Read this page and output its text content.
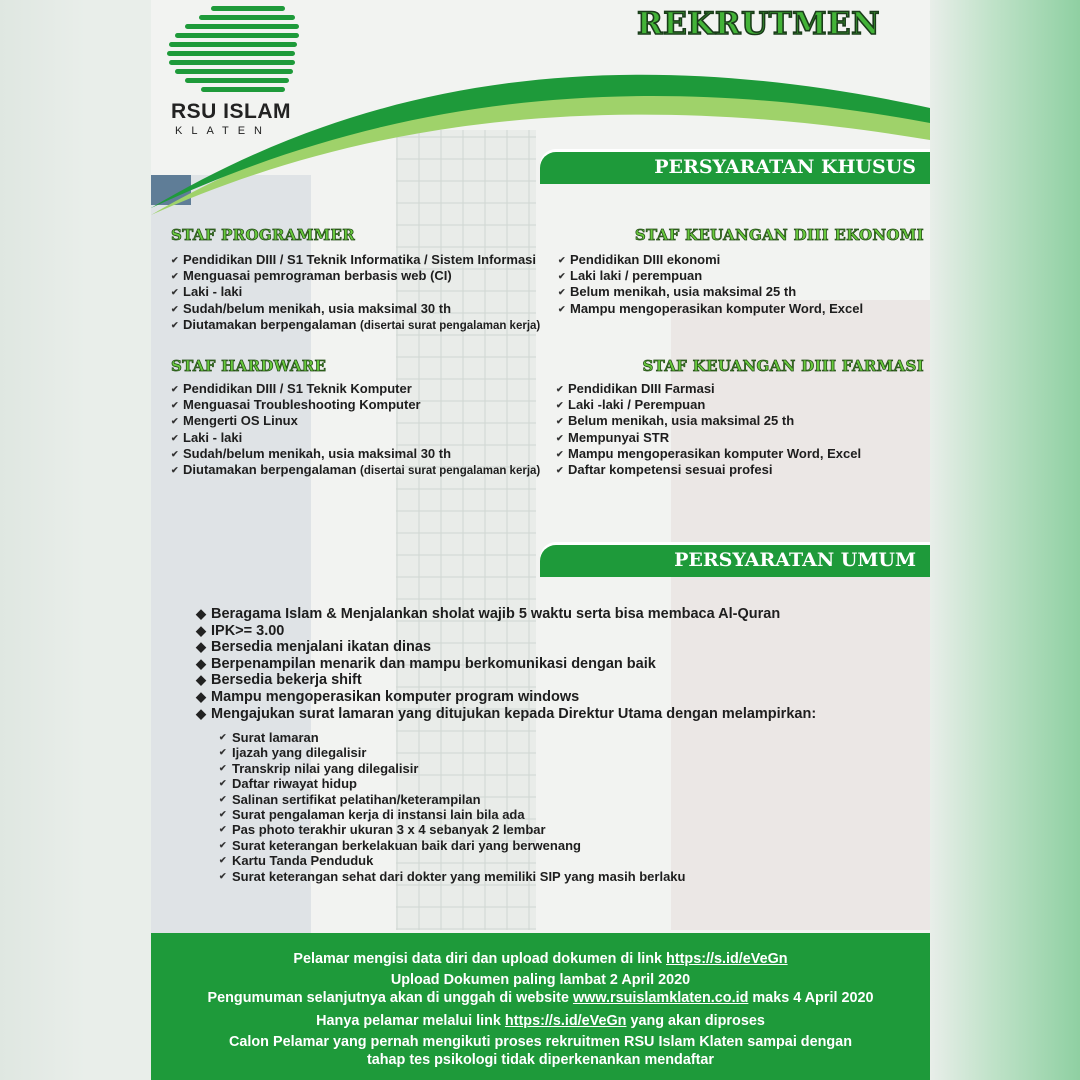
RSU ISLAM
KLATEN
REKRUTMEN
PERSYARATAN KHUSUS
STAF PROGRAMMER
✔ Pendidikan DIII / S1 Teknik Informatika / Sistem Informasi
✔ Menguasai pemrograman berbasis web (CI)
✔ Laki - laki
✔ Sudah/belum menikah, usia maksimal 30 th
✔ Diutamakan berpengalaman (disertai surat pengalaman kerja)
STAF HARDWARE
✔ Pendidikan DIII / S1 Teknik Komputer
✔ Menguasai Troubleshooting Komputer
✔ Mengerti OS Linux
✔ Laki - laki
✔ Sudah/belum menikah, usia maksimal 30 th
✔ Diutamakan berpengalaman (disertai surat pengalaman kerja)
STAF KEUANGAN DIII EKONOMI
✔ Pendidikan DIII ekonomi
✔ Laki laki / perempuan
✔ Belum menikah, usia maksimal 25 th
✔ Mampu mengoperasikan komputer Word, Excel
STAF KEUANGAN DIII FARMASI
✔ Pendidikan DIII Farmasi
✔ Laki -laki / Perempuan
✔ Belum menikah, usia maksimal 25 th
✔ Mempunyai STR
✔ Mampu mengoperasikan komputer Word, Excel
✔ Daftar kompetensi sesuai profesi
PERSYARATAN UMUM
◆ Beragama Islam & Menjalankan sholat wajib 5 waktu serta bisa membaca Al-Quran
◆ IPK>= 3.00
◆ Bersedia menjalani ikatan dinas
◆ Berpenampilan menarik dan mampu berkomunikasi dengan baik
◆ Bersedia bekerja shift
◆ Mampu mengoperasikan komputer program windows
◆ Mengajukan surat lamaran yang ditujukan kepada Direktur Utama dengan melampirkan:
✔ Surat lamaran
✔ Ijazah yang dilegalisir
✔ Transkrip nilai yang dilegalisir
✔ Daftar riwayat hidup
✔ Salinan sertifikat pelatihan/keterampilan
✔ Surat pengalaman kerja di instansi lain bila ada
✔ Pas photo terakhir ukuran 3 x 4 sebanyak 2 lembar
✔ Surat keterangan berkelakuan baik dari yang berwenang
✔ Kartu Tanda Penduduk
✔ Surat keterangan sehat dari dokter yang memiliki SIP yang masih berlaku
Pelamar mengisi data diri dan upload dokumen di link https://s.id/eVeGn
Upload Dokumen paling lambat 2 April 2020
Pengumuman selanjutnya akan di unggah di website www.rsuislamklaten.co.id maks 4 April 2020
Hanya pelamar melalui link https://s.id/eVeGn yang akan diproses
Calon Pelamar yang pernah mengikuti proses rekruitmen RSU Islam Klaten sampai dengan
tahap tes psikologi tidak diperkenankan mendaftar
